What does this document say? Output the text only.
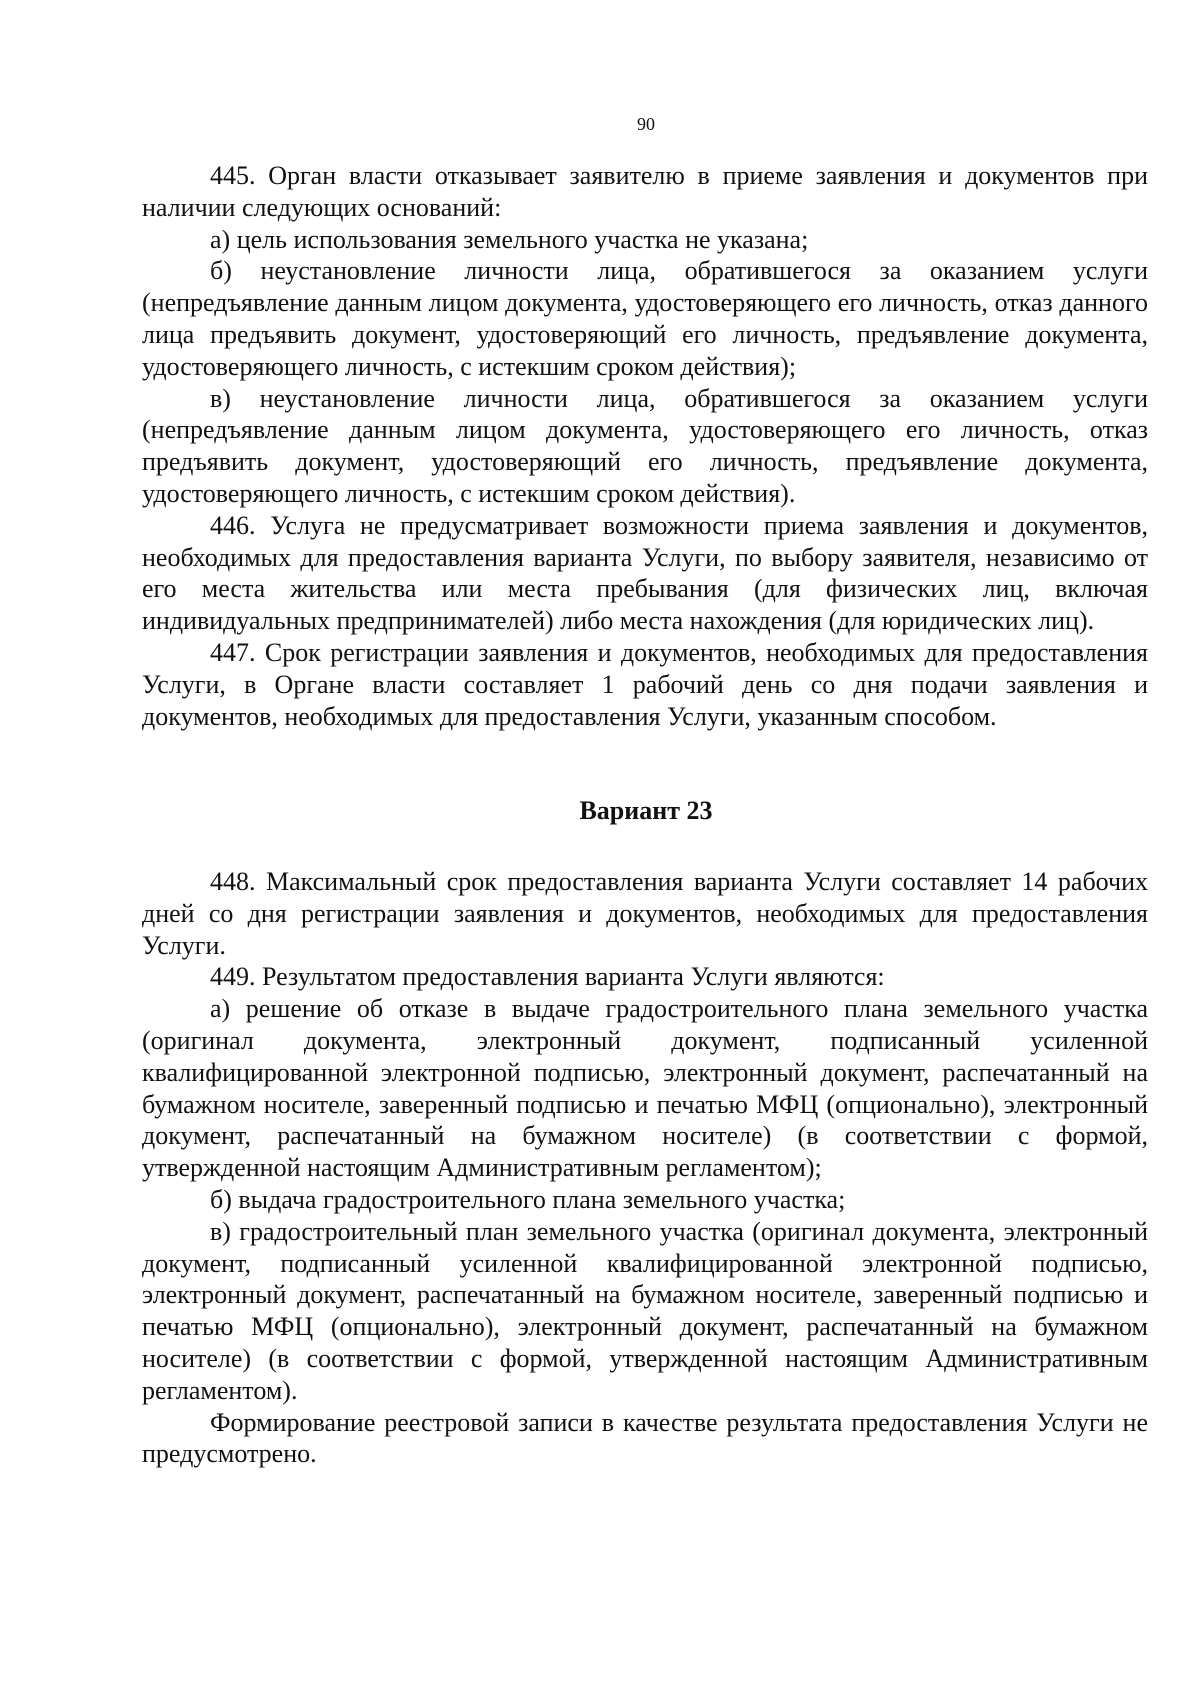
90

445. Орган власти отказывает заявителю в приеме заявления и документов при наличии следующих оснований:

а) цель использования земельного участка не указана;

б) неустановление личности лица, обратившегося за оказанием услуги (непредъявление данным лицом документа, удостоверяющего его личность, отказ данного лица предъявить документ, удостоверяющий его личность, предъявление документа, удостоверяющего личность, с истекшим сроком действия);

в) неустановление личности лица, обратившегося за оказанием услуги (непредъявление данным лицом документа, удостоверяющего его личность, отказ предъявить документ, удостоверяющий его личность, предъявление документа, удостоверяющего личность, с истекшим сроком действия).

446. Услуга не предусматривает возможности приема заявления и документов, необходимых для предоставления варианта Услуги, по выбору заявителя, независимо от его места жительства или места пребывания (для физических лиц, включая индивидуальных предпринимателей) либо места нахождения (для юридических лиц).

447. Срок регистрации заявления и документов, необходимых для предоставления Услуги, в Органе власти составляет 1 рабочий день со дня подачи заявления и документов, необходимых для предоставления Услуги, указанным способом.

Вариант 23

448. Максимальный срок предоставления варианта Услуги составляет 14 рабочих дней со дня регистрации заявления и документов, необходимых для предоставления Услуги.

449. Результатом предоставления варианта Услуги являются:

а) решение об отказе в выдаче градостроительного плана земельного участка (оригинал документа, электронный документ, подписанный усиленной квалифицированной электронной подписью, электронный документ, распечатанный на бумажном носителе, заверенный подписью и печатью МФЦ (опционально), электронный документ, распечатанный на бумажном носителе) (в соответствии с формой, утвержденной настоящим Административным регламентом);

б) выдача градостроительного плана земельного участка;

в) градостроительный план земельного участка (оригинал документа, электронный документ, подписанный усиленной квалифицированной электронной подписью, электронный документ, распечатанный на бумажном носителе, заверенный подписью и печатью МФЦ (опционально), электронный документ, распечатанный на бумажном носителе) (в соответствии с формой, утвержденной настоящим Административным регламентом).

Формирование реестровой записи в качестве результата предоставления Услуги не предусмотрено.
